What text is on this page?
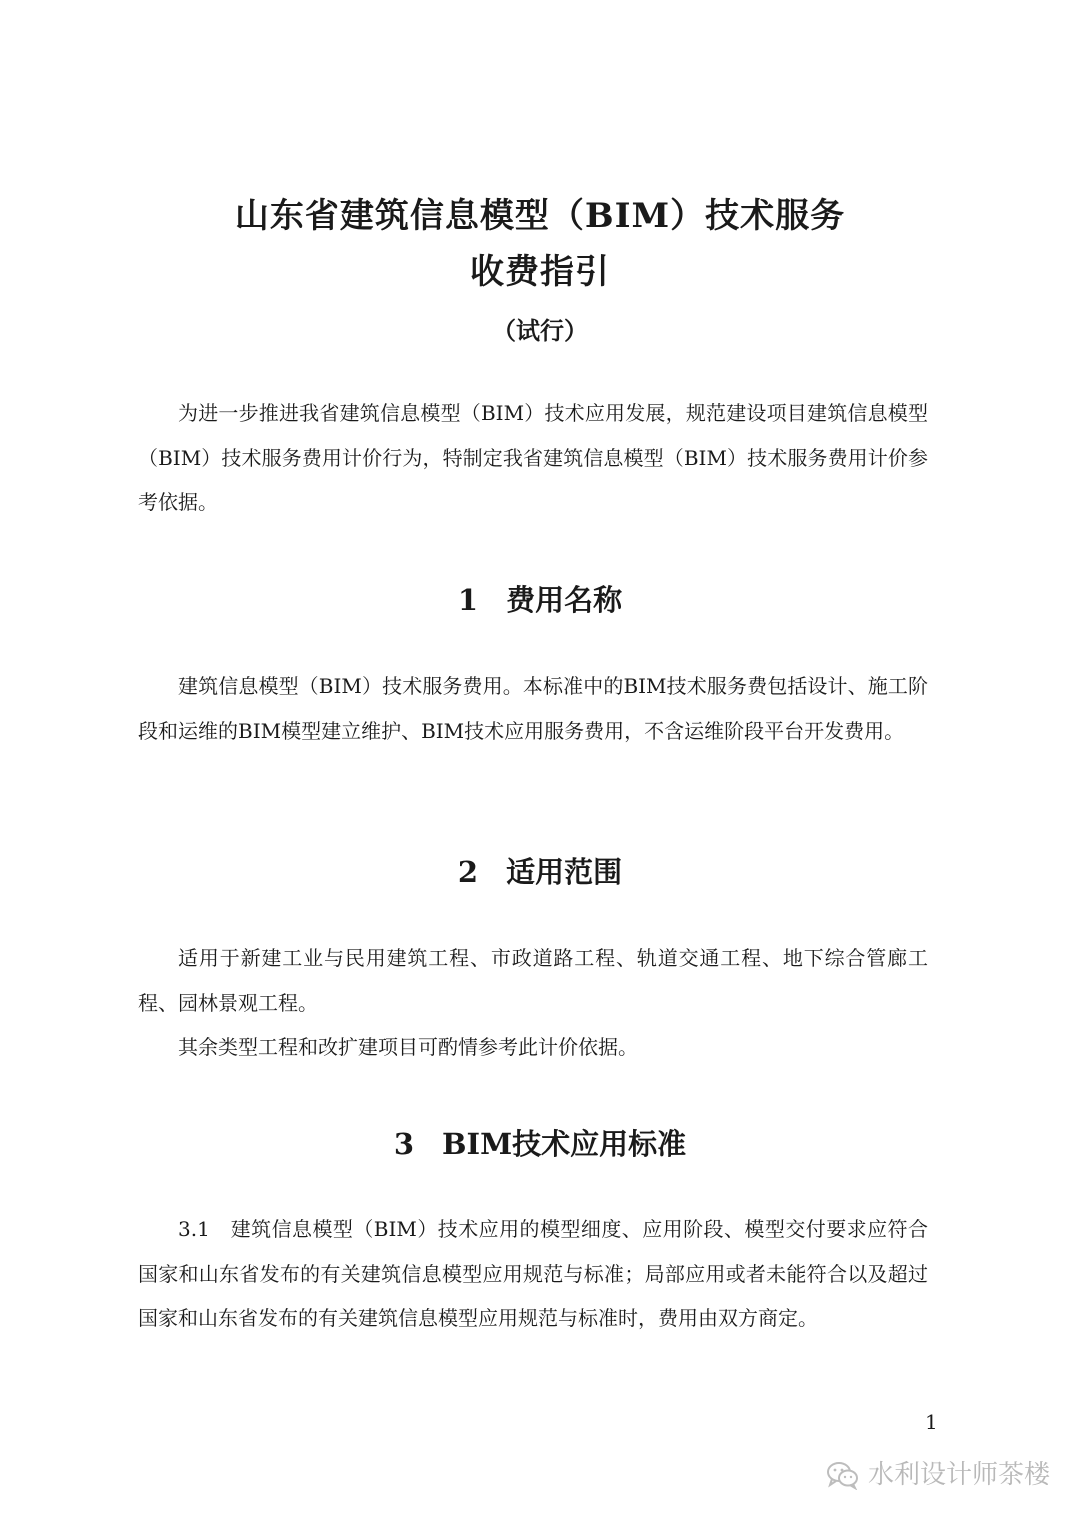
山东省建筑信息模型（BIM）技术服务
收费指引
（试行）

为进一步推进我省建筑信息模型（BIM）技术应用发展，规范建设项目建筑信息模型（BIM）技术服务费用计价行为，特制定我省建筑信息模型（BIM）技术服务费用计价参考依据。

1 费用名称

建筑信息模型（BIM）技术服务费用。本标准中的BIM技术服务费包括设计、施工阶段和运维的BIM模型建立维护、BIM技术应用服务费用，不含运维阶段平台开发费用。

2 适用范围

适用于新建工业与民用建筑工程、市政道路工程、轨道交通工程、地下综合管廊工程、园林景观工程。

其余类型工程和改扩建项目可酌情参考此计价依据。

3 BIM技术应用标准

3.1　建筑信息模型（BIM）技术应用的模型细度、应用阶段、模型交付要求应符合国家和山东省发布的有关建筑信息模型应用规范与标准；局部应用或者未能符合以及超过国家和山东省发布的有关建筑信息模型应用规范与标准时，费用由双方商定。

1
水利设计师茶楼
